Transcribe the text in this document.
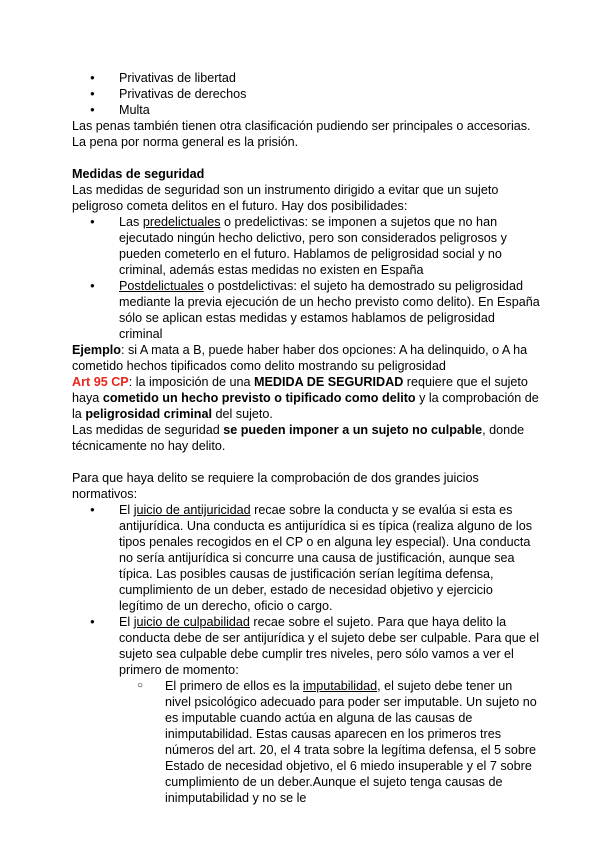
● Privativas de libertad
● Privativas de derechos
● Multa

Las penas también tienen otra clasificación pudiendo ser principales o accesorias.

La pena por norma general es la prisión.

Medidas de seguridad

Las medidas de seguridad son un instrumento dirigido a evitar que un sujeto peligroso cometa delitos en el futuro. Hay dos posibilidades:

● Las predelictuales o predelictivas: se imponen a sujetos que no han ejecutado ningún hecho delictivo, pero son considerados peligrosos y pueden cometerlo en el futuro. Hablamos de peligrosidad social y no criminal, además estas medidas no existen en España
● Postdelictuales o postdelictivas: el sujeto ha demostrado su peligrosidad mediante la previa ejecución de un hecho previsto como delito). En España sólo se aplican estas medidas y estamos hablamos de peligrosidad criminal

Ejemplo: si A mata a B, puede haber haber dos opciones: A ha delinquido, o A ha cometido hechos tipificados como delito mostrando su peligrosidad

Art 95 CP: la imposición de una MEDIDA DE SEGURIDAD requiere que el sujeto haya cometido un hecho previsto o tipificado como delito y la comprobación de la peligrosidad criminal del sujeto.

Las medidas de seguridad se pueden imponer a un sujeto no culpable, donde técnicamente no hay delito.

Para que haya delito se requiere la comprobación de dos grandes juicios normativos:

● El juicio de antijuricidad recae sobre la conducta y se evalúa si esta es antijurídica. Una conducta es antijurídica si es típica (realiza alguno de los tipos penales recogidos en el CP o en alguna ley especial). Una conducta no sería antijurídica si concurre una causa de justificación, aunque sea típica. Las posibles causas de justificación serían legítima defensa, cumplimiento de un deber, estado de necesidad objetivo y ejercicio legítimo de un derecho, oficio o cargo.
● El juicio de culpabilidad recae sobre el sujeto. Para que haya delito la conducta debe de ser antijurídica y el sujeto debe ser culpable. Para que el sujeto sea culpable debe cumplir tres niveles, pero sólo vamos a ver el primero de momento:
○ El primero de ellos es la imputabilidad, el sujeto debe tener un nivel psicológico adecuado para poder ser imputable. Un sujeto no es imputable cuando actúa en alguna de las causas de inimputabilidad. Estas causas aparecen en los primeros tres números del art. 20, el 4 trata sobre la legítima defensa, el 5 sobre Estado de necesidad objetivo, el 6 miedo insuperable y el 7 sobre cumplimiento de un deber.Aunque el sujeto tenga causas de inimputabilidad y no se le
